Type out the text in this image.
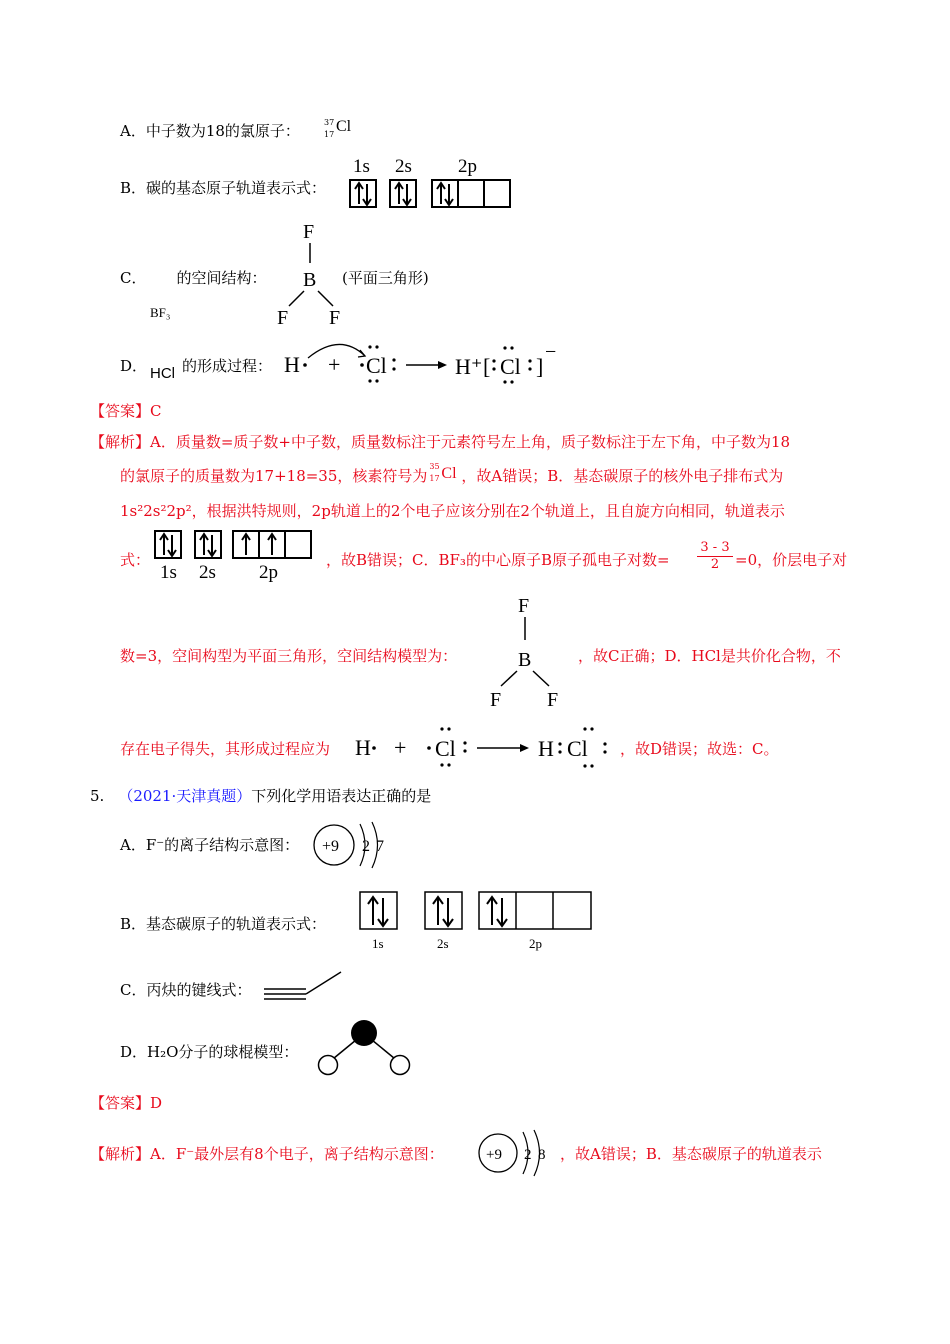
A．中子数为18的氯原子：	37
17 Cl
B．碳的基态原子轨道表示式：
1s 2s 2p
C． 的空间结构：
BF₃
F
B
F F
(平面三角形)
D． HCl 的形成过程： H + Cl	H⁺ [ Cl ]
−
【答案】C
【解析】A．质量数=质子数+中子数，质量数标注于元素符号左上角，质子数标注于左下角，中子数为18
的氯原子的质量数为17+18=35，核素符号为
35
17 Cl ，故A错误；B．基态碳原子的核外电子排布式为
1s²2s²2p²，根据洪特规则，2p轨道上的2个电子应该分别在2个轨道上，且自旋方向相同，轨道表示
式：
1s 2s 2p
，故B错误；C．BF₃的中心原子B原子孤电子对数= $\frac{3 - 3}{2} =0$，价层电子对
数=3，空间构型为平面三角形，空间结构模型为：
F
B
F F
，故C正确；D．HCl是共价化合物，不
存在电子得失，其形成过程应为 H + Cl	H Cl ，故D错误；故选：C。
5. （2021·天津真题）下列化学用语表达正确的是
A．F⁻的离子结构示意图： +9 2 7
B．基态碳原子的轨道表示式：
1s	2s	2p
C．丙炔的键线式：
D．H₂O分子的球棍模型：
【答案】D
【解析】A．F⁻最外层有8个电子，离子结构示意图：	+9 2 8 ，故A错误；B．基态碳原子的轨道表示
